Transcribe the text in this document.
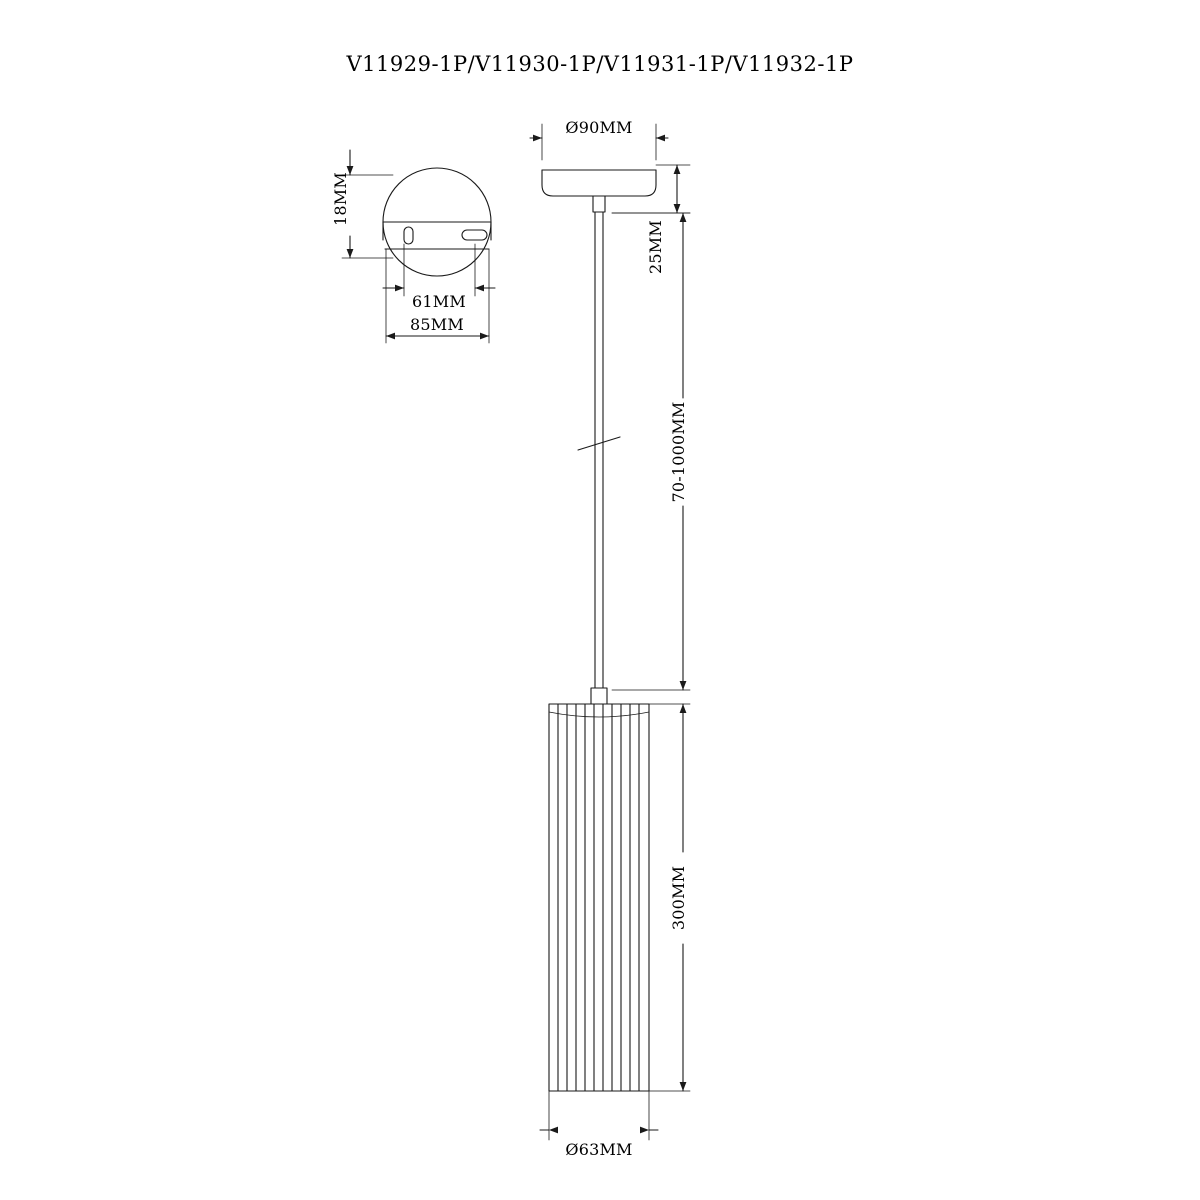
V11929-1P/V11930-1P/V11931-1P/V11932-1P
18MM
61MM
85MM
Ø90MM
25MM
70-1000MM
300MM
Ø63MM
